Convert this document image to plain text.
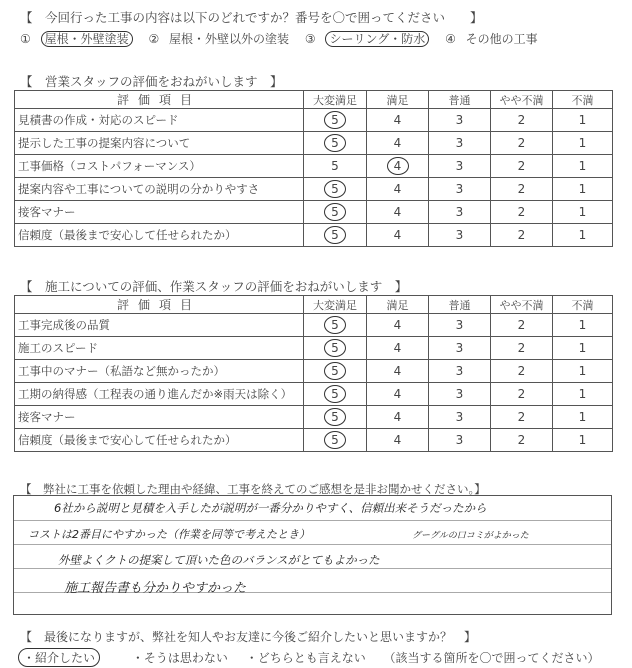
【　今回行った工事の内容は以下のどれですか？番号を〇で囲ってください　　】
① 屋根・外壁塗装 ② 屋根・外壁以外の塗装 ③ シーリング・防水 ④ その他の工事
【　営業スタッフの評価をおねがいします　】
評価項目	大変満足	満足	普通	やや不満	不満
見積書の作成・対応のスピード	5	4	3	2	1
提示した工事の提案内容について	5	4	3	2	1
工事価格（コストパフォーマンス）	5	4	3	2	1
提案内容や工事についての説明の分かりやすさ	5	4	3	2	1
接客マナー	5	4	3	2	1
信頼度（最後まで安心して任せられたか）	5	4	3	2	1
【　施工についての評価、作業スタッフの評価をおねがいします　】
評価項目	大変満足	満足	普通	やや不満	不満
工事完成後の品質	5	4	3	2	1
施工のスピード	5	4	3	2	1
工事中のマナー（私語など無かったか）	5	4	3	2	1
工期の納得感（工程表の通り進んだか※雨天は除く）	5	4	3	2	1
接客マナー	5	4	3	2	1
信頼度（最後まで安心して任せられたか）	5	4	3	2	1
【　弊社に工事を依頼した理由や経緯、工事を終えてのご感想を是非お聞かせください。】
6社から説明と見積を入手したが説明が一番分かりやすく、信頼出来そうだったから
コストは2番目にやすかった（作業を同等で考えたとき）	グーグルの口コミがよかった
外壁よくクトの提案して頂いた色のバランスがとてもよかった
施工報告書も分かりやすかった
【　最後になりますが、弊社を知人やお友達に今後ご紹介したいと思いますか？　】
・紹介したい	・そうは思わない ・どちらとも言えない （該当する箇所を〇で囲ってください）
